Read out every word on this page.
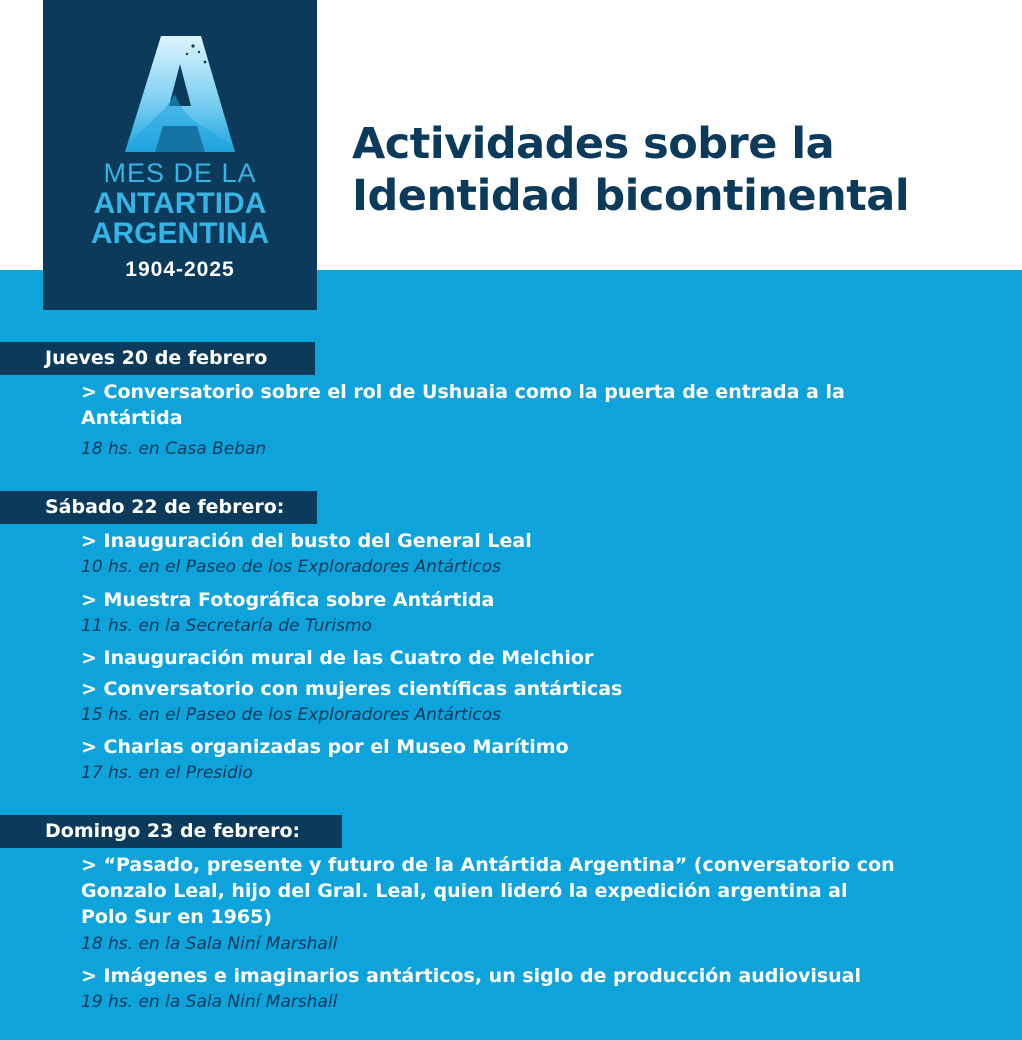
MES DE LA
ANTARTIDA
ARGENTINA
1904-2025
Actividades sobre la
Identidad bicontinental
Jueves 20 de febrero
> Conversatorio sobre el rol de Ushuaia como la puerta de entrada a la
Antártida
18 hs. en Casa Beban
Sábado 22 de febrero:
> Inauguración del busto del General Leal
10 hs. en el Paseo de los Exploradores Antárticos
> Muestra Fotográfica sobre Antártida
11 hs. en la Secretaría de Turismo
> Inauguración mural de las Cuatro de Melchior
> Conversatorio con mujeres científicas antárticas
15 hs. en el Paseo de los Exploradores Antárticos
> Charlas organizadas por el Museo Marítimo
17 hs. en el Presidio
Domingo 23 de febrero:
> “Pasado, presente y futuro de la Antártida Argentina” (conversatorio con
Gonzalo Leal, hijo del Gral. Leal, quien lideró la expedición argentina al
Polo Sur en 1965)
18 hs. en la Sala Niní Marshall
> Imágenes e imaginarios antárticos, un siglo de producción audiovisual
19 hs. en la Sala Niní Marshall
